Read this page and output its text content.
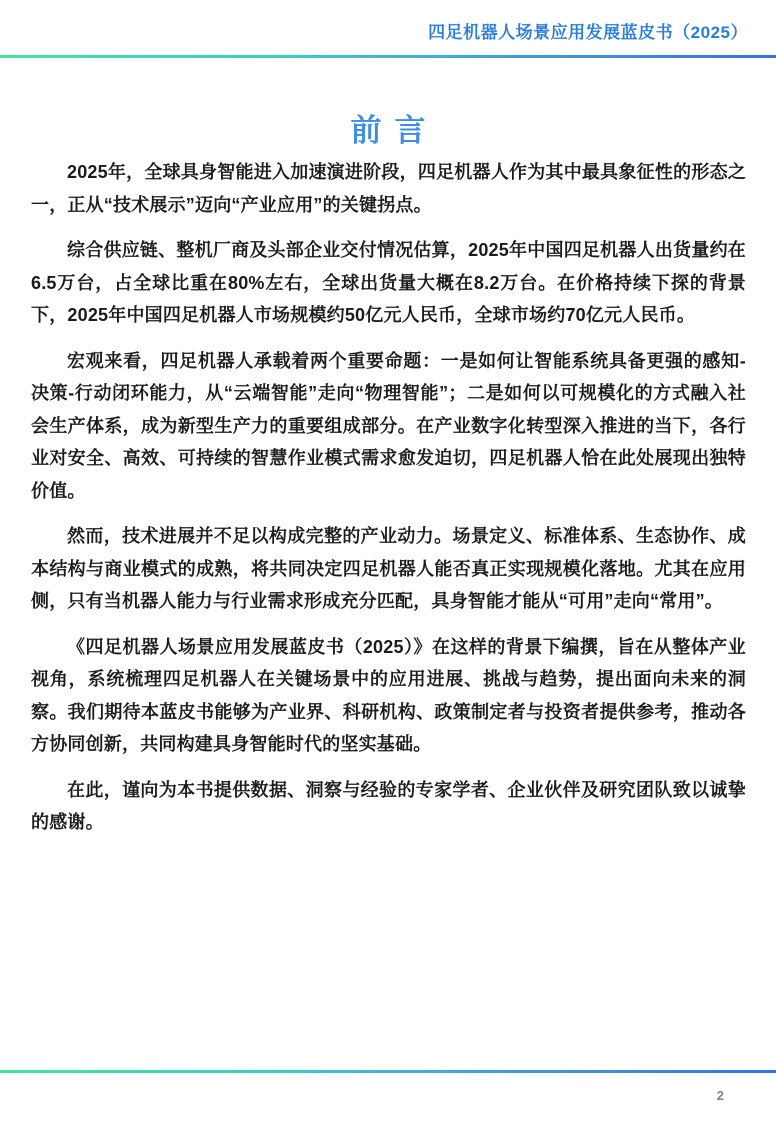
四足机器人场景应用发展蓝皮书（2025）
前言

2025年，全球具身智能进入加速演进阶段，四足机器人作为其中最具象征性的形态之一，正从“技术展示”迈向“产业应用”的关键拐点。

综合供应链、整机厂商及头部企业交付情况估算，2025年中国四足机器人出货量约在6.5万台，占全球比重在80%左右，全球出货量大概在8.2万台。在价格持续下探的背景下，2025年中国四足机器人市场规模约50亿元人民币，全球市场约70亿元人民币。

宏观来看，四足机器人承载着两个重要命题：一是如何让智能系统具备更强的感知-决策-行动闭环能力，从“云端智能”走向“物理智能”；二是如何以可规模化的方式融入社会生产体系，成为新型生产力的重要组成部分。在产业数字化转型深入推进的当下，各行业对安全、高效、可持续的智慧作业模式需求愈发迫切，四足机器人恰在此处展现出独特价值。

然而，技术进展并不足以构成完整的产业动力。场景定义、标准体系、生态协作、成本结构与商业模式的成熟，将共同决定四足机器人能否真正实现规模化落地。尤其在应用侧，只有当机器人能力与行业需求形成充分匹配，具身智能才能从“可用”走向“常用”。

《四足机器人场景应用发展蓝皮书（2025）》在这样的背景下编撰，旨在从整体产业视角，系统梳理四足机器人在关键场景中的应用进展、挑战与趋势，提出面向未来的洞察。我们期待本蓝皮书能够为产业界、科研机构、政策制定者与投资者提供参考，推动各方协同创新，共同构建具身智能时代的坚实基础。

在此，谨向为本书提供数据、洞察与经验的专家学者、企业伙伴及研究团队致以诚挚的感谢。

2
